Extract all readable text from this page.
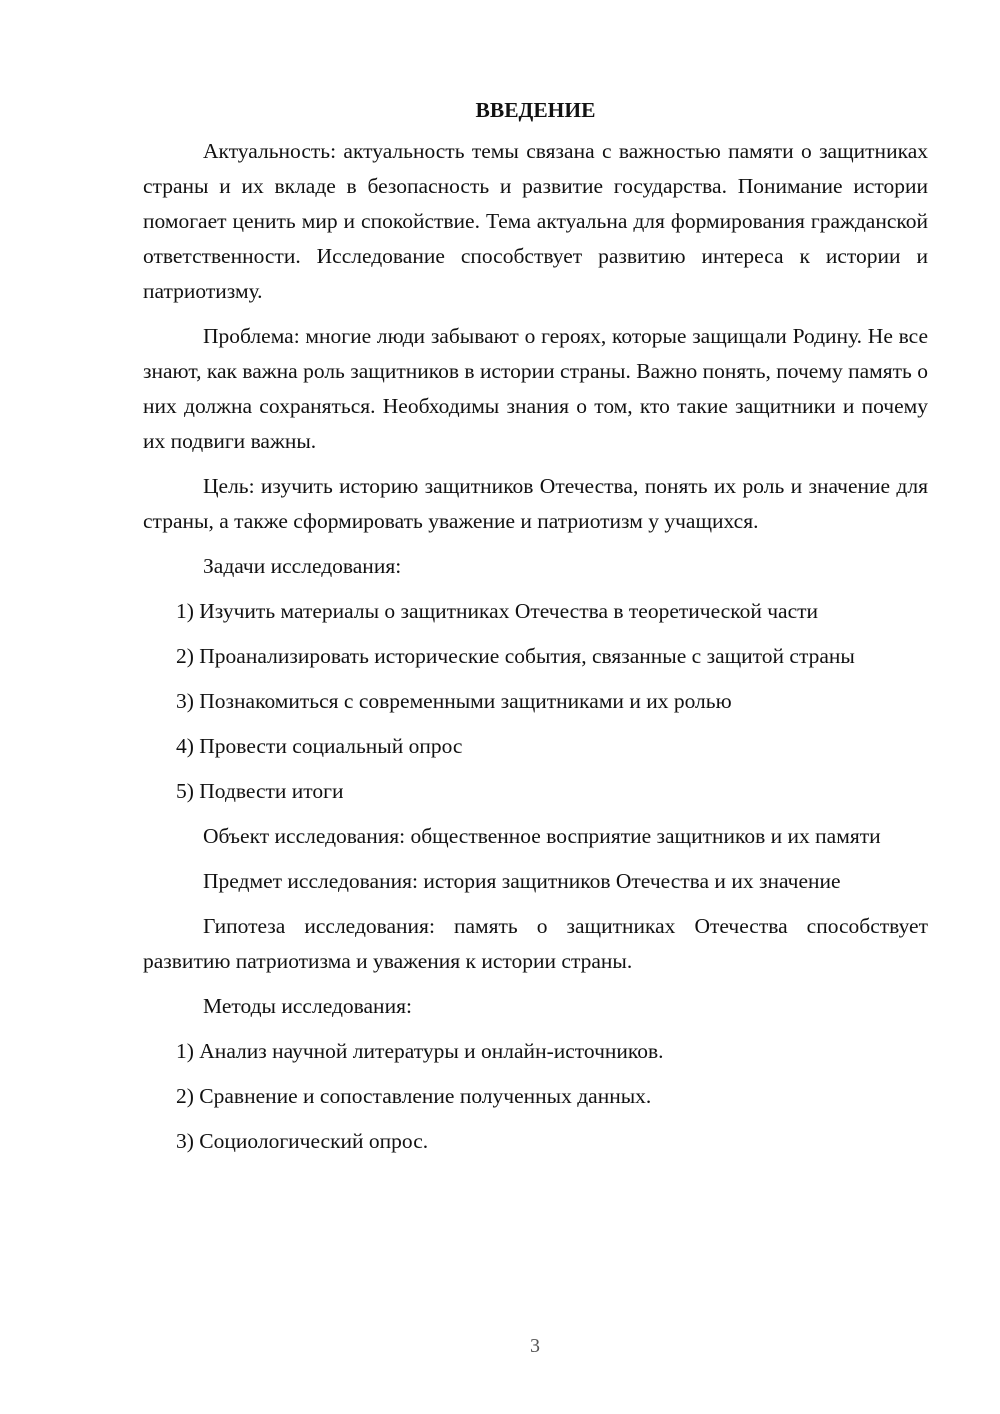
ВВЕДЕНИЕ

Актуальность: актуальность темы связана с важностью памяти о защитниках страны и их вкладе в безопасность и развитие государства. Понимание истории помогает ценить мир и спокойствие. Тема актуальна для формирования гражданской ответственности. Исследование способствует развитию интереса к истории и патриотизму.

Проблема: многие люди забывают о героях, которые защищали Родину. Не все знают, как важна роль защитников в истории страны. Важно понять, почему память о них должна сохраняться. Необходимы знания о том, кто такие защитники и почему их подвиги важны.

Цель: изучить историю защитников Отечества, понять их роль и значение для страны, а также сформировать уважение и патриотизм у учащихся.

Задачи исследования:

1) Изучить материалы о защитниках Отечества в теоретической части

2) Проанализировать исторические события, связанные с защитой страны

3) Познакомиться с современными защитниками и их ролью

4) Провести социальный опрос

5) Подвести итоги

Объект исследования: общественное восприятие защитников и их памяти

Предмет исследования: история защитников Отечества и их значение

Гипотеза исследования: память о защитниках Отечества способствует развитию патриотизма и уважения к истории страны.

Методы исследования:

1) Анализ научной литературы и онлайн-источников.

2) Сравнение и сопоставление полученных данных.

3) Социологический опрос.

3
